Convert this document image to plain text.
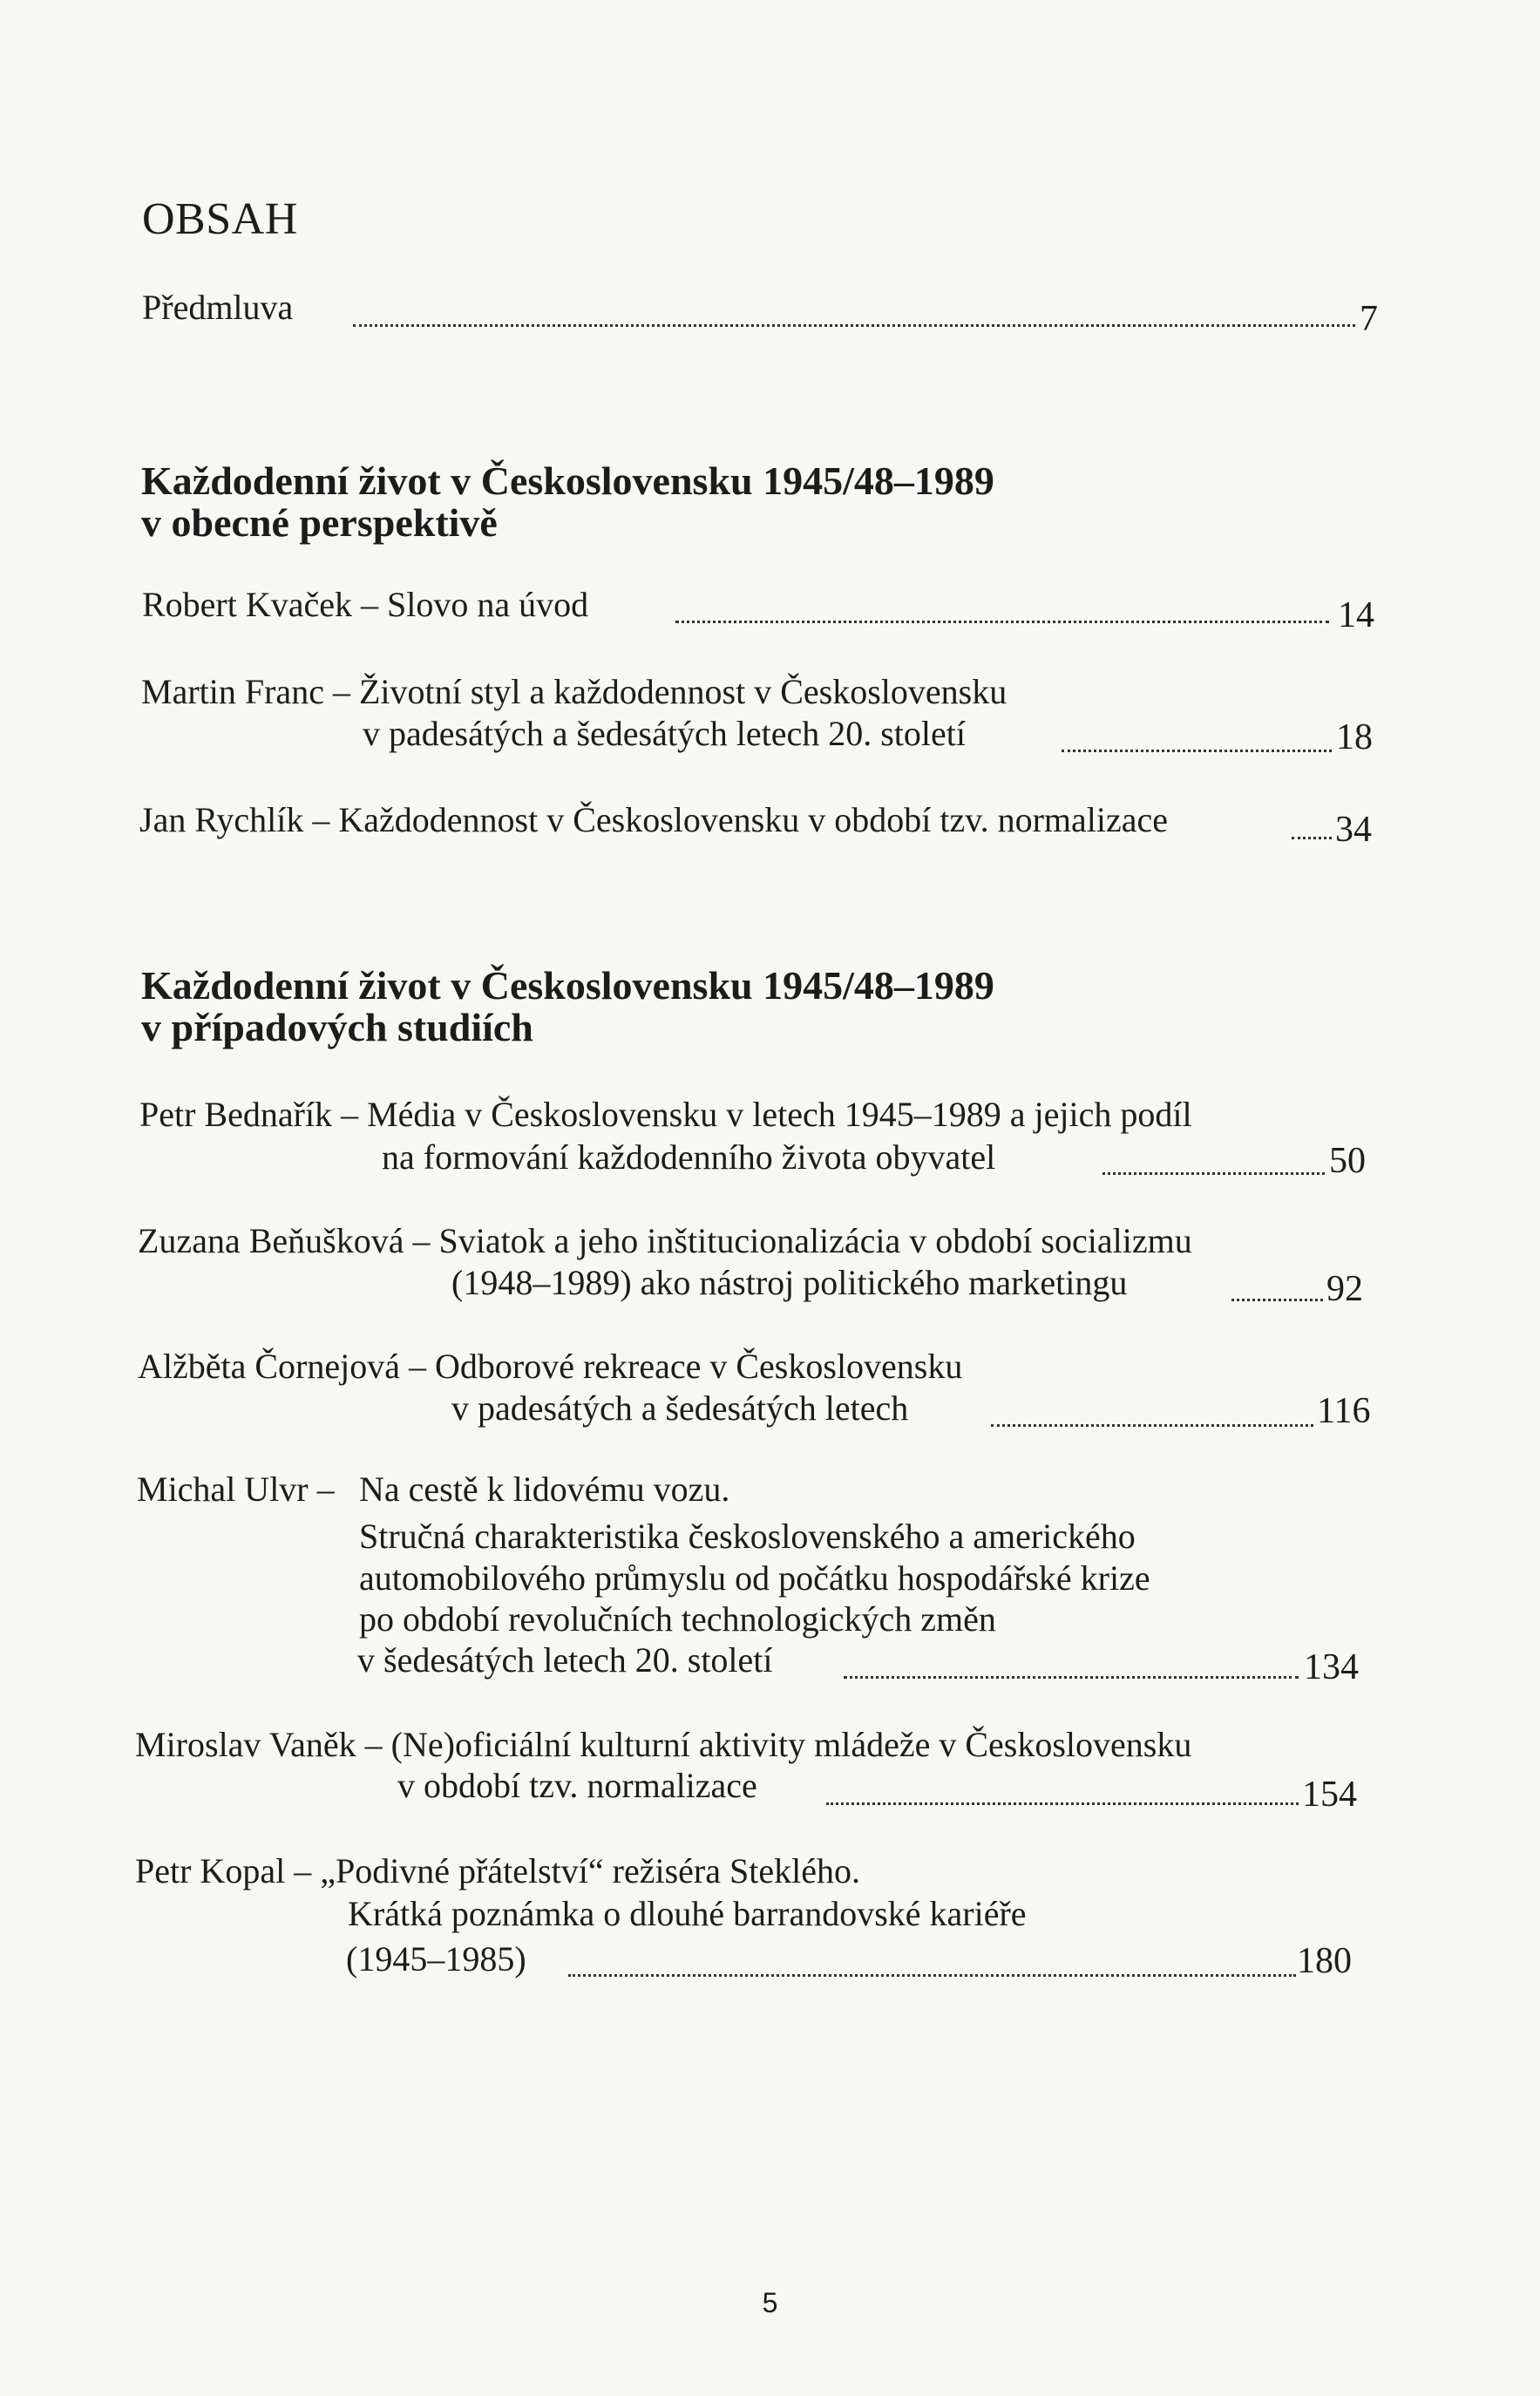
OBSAH
Předmluva	7
Každodenní život v Československu 1945/48–1989
v obecné perspektivě
Robert Kvaček – Slovo na úvod	14
Martin Franc – Životní styl a každodennost v Československu
v padesátých a šedesátých letech 20. století	18
Jan Rychlík – Každodennost v Československu v období tzv. normalizace	34
Každodenní život v Československu 1945/48–1989
v případových studiích
Petr Bednařík – Média v Československu v letech 1945–1989 a jejich podíl
na formování každodenního života obyvatel	50
Zuzana Beňušková – Sviatok a jeho inštitucionalizácia v období socializmu
(1948–1989) ako nástroj politického marketingu	92
Alžběta Čornejová – Odborové rekreace v Československu
v padesátých a šedesátých letech	116
Michal Ulvr – Na cestě k lidovému vozu.
Stručná charakteristika československého a amerického
automobilového průmyslu od počátku hospodářské krize
po období revolučních technologických změn
v šedesátých letech 20. století	134
Miroslav Vaněk – (Ne)oficiální kulturní aktivity mládeže v Československu
v období tzv. normalizace	154
Petr Kopal – „Podivné přátelství“ režiséra Steklého.
Krátká poznámka o dlouhé barrandovské kariéře
(1945–1985)	180
5
